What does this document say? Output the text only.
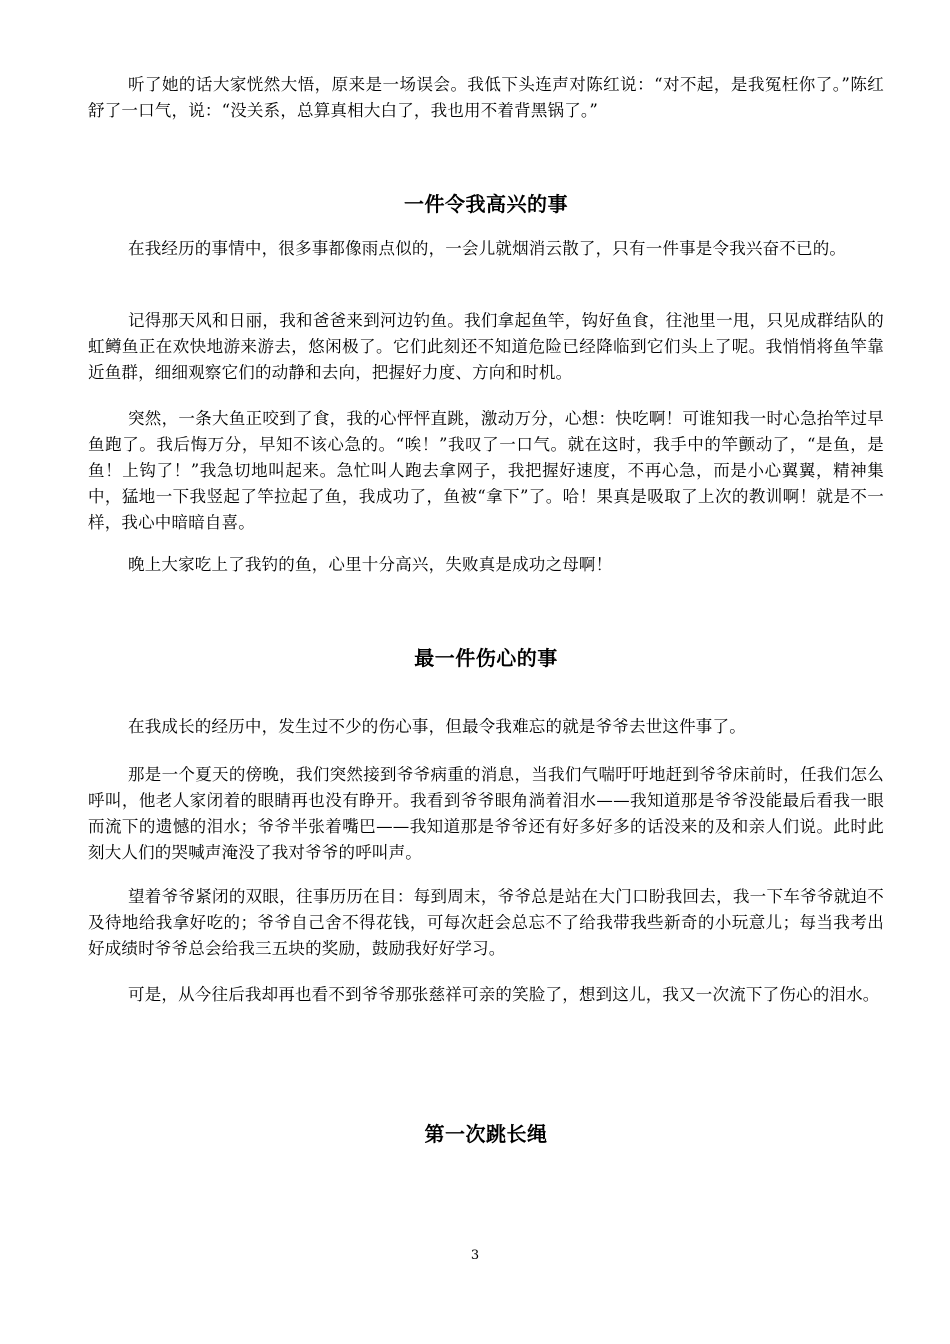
听了她的话大家恍然大悟，原来是一场误会。我低下头连声对陈红说：“对不起，是我冤枉你了。”陈红舒了一口气，说：“没关系，总算真相大白了，我也用不着背黑锅了。”

一件令我高兴的事

在我经历的事情中，很多事都像雨点似的，一会儿就烟消云散了，只有一件事是令我兴奋不已的。

记得那天风和日丽，我和爸爸来到河边钓鱼。我们拿起鱼竿，钩好鱼食，往池里一甩，只见成群结队的虹鳟鱼正在欢快地游来游去，悠闲极了。它们此刻还不知道危险已经降临到它们头上了呢。我悄悄将鱼竿靠近鱼群，细细观察它们的动静和去向，把握好力度、方向和时机。

突然，一条大鱼正咬到了食，我的心怦怦直跳，激动万分，心想：快吃啊！可谁知我一时心急抬竿过早鱼跑了。我后悔万分，早知不该心急的。“唉！”我叹了一口气。就在这时，我手中的竿颤动了，“是鱼，是鱼！上钩了！”我急切地叫起来。急忙叫人跑去拿网子，我把握好速度，不再心急，而是小心翼翼，精神集中，猛地一下我竖起了竿拉起了鱼，我成功了，鱼被“拿下”了。哈！果真是吸取了上次的教训啊！就是不一样，我心中暗暗自喜。

晚上大家吃上了我钓的鱼，心里十分高兴，失败真是成功之母啊！

最一件伤心的事

在我成长的经历中，发生过不少的伤心事，但最令我难忘的就是爷爷去世这件事了。

那是一个夏天的傍晚，我们突然接到爷爷病重的消息，当我们气喘吁吁地赶到爷爷床前时，任我们怎么呼叫，他老人家闭着的眼睛再也没有睁开。我看到爷爷眼角淌着泪水——我知道那是爷爷没能最后看我一眼而流下的遗憾的泪水；爷爷半张着嘴巴——我知道那是爷爷还有好多好多的话没来的及和亲人们说。此时此刻大人们的哭喊声淹没了我对爷爷的呼叫声。

望着爷爷紧闭的双眼，往事历历在目：每到周末，爷爷总是站在大门口盼我回去，我一下车爷爷就迫不及待地给我拿好吃的；爷爷自己舍不得花钱，可每次赶会总忘不了给我带我些新奇的小玩意儿；每当我考出好成绩时爷爷总会给我三五块的奖励，鼓励我好好学习。

可是，从今往后我却再也看不到爷爷那张慈祥可亲的笑脸了，想到这儿，我又一次流下了伤心的泪水。

第一次跳长绳
3
